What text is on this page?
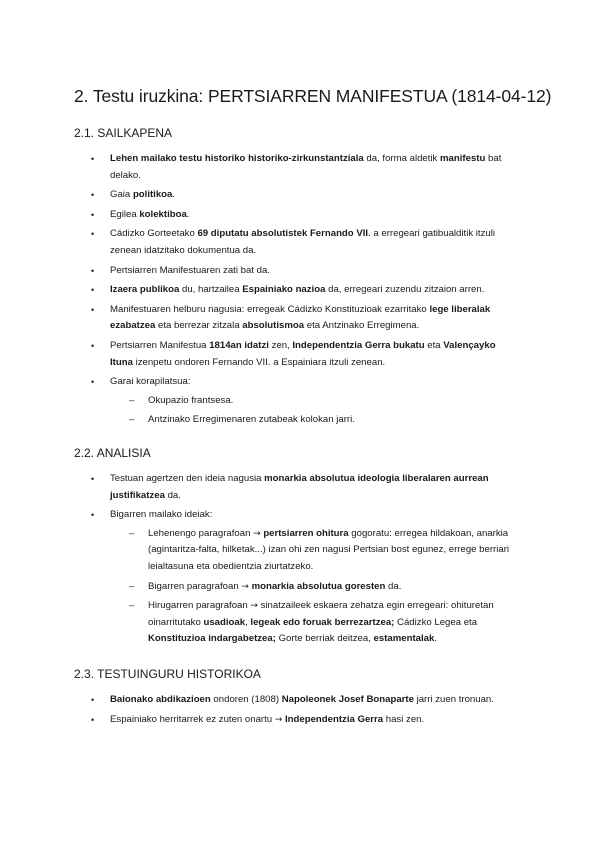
2. Testu iruzkina: PERTSIARREN MANIFESTUA (1814-04-12)
2.1. SAILKAPENA
• Lehen mailako testu historiko historiko-zirkunstantziala da, forma aldetik manifestu bat delako.
• Gaia politikoa.
• Egilea kolektiboa.
• Cádizko Gorteetako 69 diputatu absolutistek Fernando VII. a erregeari gatibualditik itzuli zenean idatzitako dokumentua da.
• Pertsiarren Manifestuaren zati bat da.
• Izaera publikoa du, hartzailea Espainiako nazioa da, erregeari zuzendu zitzaion arren.
• Manifestuaren helburu nagusia: erregeak Cádizko Konstituzioak ezarritako lege liberalak ezabatzea eta berrezar zitzala absolutismoa eta Antzinako Erregimena.
• Pertsiarren Manifestua 1814an idatzi zen, Independentzia Gerra bukatu eta Valençayko Ituna izenpetu ondoren Fernando VII. a Espainiara itzuli zenean.
• Garai korapilatsua:
– Okupazio frantsesa.
– Antzinako Erregimenaren zutabeak kolokan jarri.
2.2. ANALISIA
• Testuan agertzen den ideia nagusia monarkia absolutua ideologia liberalaren aurrean justifikatzea da.
• Bigarren mailako ideiak:
– Lehenengo paragrafoan → pertsiarren ohitura gogoratu: erregea hildakoan, anarkia (agintaritza-falta, hilketak...) izan ohi zen nagusi Pertsian bost egunez, errege berriari leialtasuna eta obedientzia ziurtatzeko.
– Bigarren paragrafoan → monarkia absolutua goresten da.
– Hirugarren paragrafoan → sinatzaileek eskaera zehatza egin erregeari: ohituretan oinarritutako usadioak, legeak edo foruak berrezartzea; Cádizko Legea eta Konstituzioa indargabetzea; Gorte berriak deitzea, estamentalak.
2.3. TESTUINGURU HISTORIKOA
• Baionako abdikazioen ondoren (1808) Napoleonek Josef Bonaparte jarri zuen tronuan.
• Espainiako herritarrek ez zuten onartu → Independentzia Gerra hasi zen.
